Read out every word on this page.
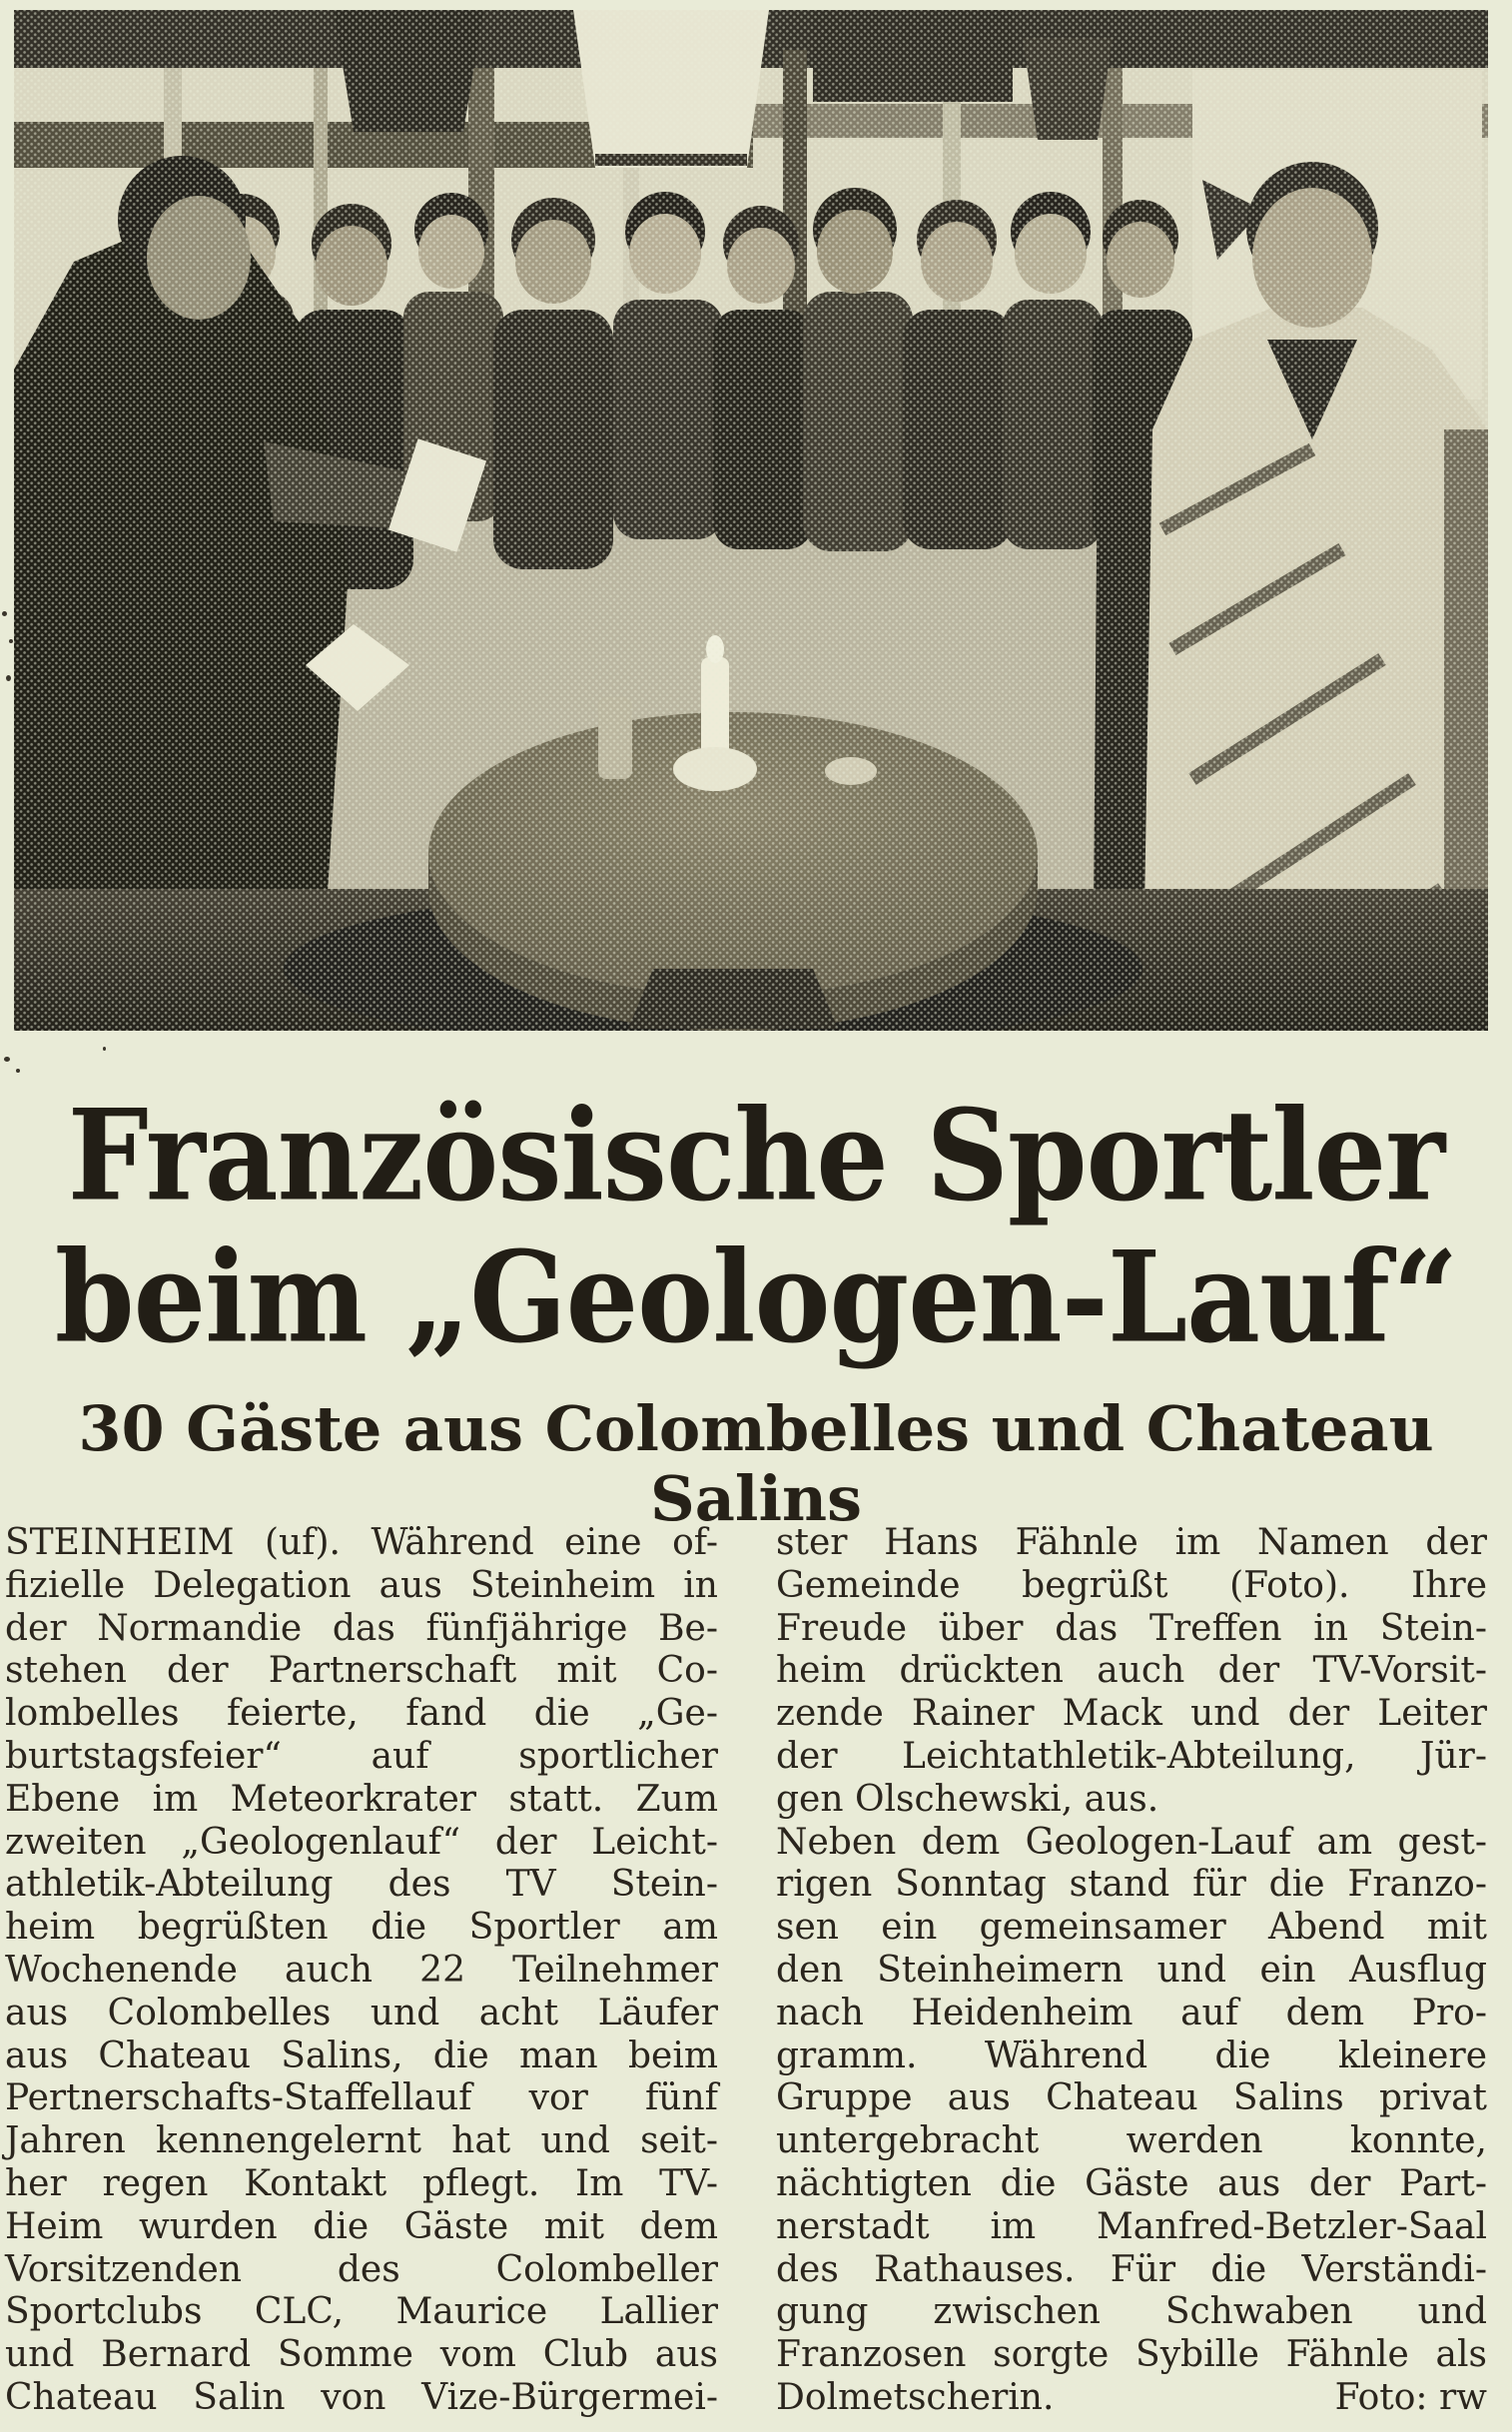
Französische Sportler
beim „Geologen-Lauf“
30 Gäste aus Colombelles und Chateau Salins
STEINHEIM (uf). Während eine of-
fizielle Delegation aus Steinheim in
der Normandie das fünfjährige Be-
stehen der Partnerschaft mit Co-
lombelles feierte, fand die „Ge-
burtstagsfeier“ auf sportlicher
Ebene im Meteorkrater statt. Zum
zweiten „Geologenlauf“ der Leicht-
athletik-Abteilung des TV Stein-
heim begrüßten die Sportler am
Wochenende auch 22 Teilnehmer
aus Colombelles und acht Läufer
aus Chateau Salins, die man beim
Pertnerschafts-Staffellauf vor fünf
Jahren kennengelernt hat und seit-
her regen Kontakt pflegt. Im TV-
Heim wurden die Gäste mit dem
Vorsitzenden des Colombeller
Sportclubs CLC, Maurice Lallier
und Bernard Somme vom Club aus
Chateau Salin von Vize-Bürgermei-
ster Hans Fähnle im Namen der
Gemeinde begrüßt (Foto). Ihre
Freude über das Treffen in Stein-
heim drückten auch der TV-Vorsit-
zende Rainer Mack und der Leiter
der Leichtathletik-Abteilung, Jür-
gen Olschewski, aus.
Neben dem Geologen-Lauf am gest-
rigen Sonntag stand für die Franzo-
sen ein gemeinsamer Abend mit
den Steinheimern und ein Ausflug
nach Heidenheim auf dem Pro-
gramm. Während die kleinere
Gruppe aus Chateau Salins privat
untergebracht werden konnte,
nächtigten die Gäste aus der Part-
nerstadt im Manfred-Betzler-Saal
des Rathauses. Für die Verständi-
gung zwischen Schwaben und
Franzosen sorgte Sybille Fähnle als
Dolmetscherin.	Foto: rw
